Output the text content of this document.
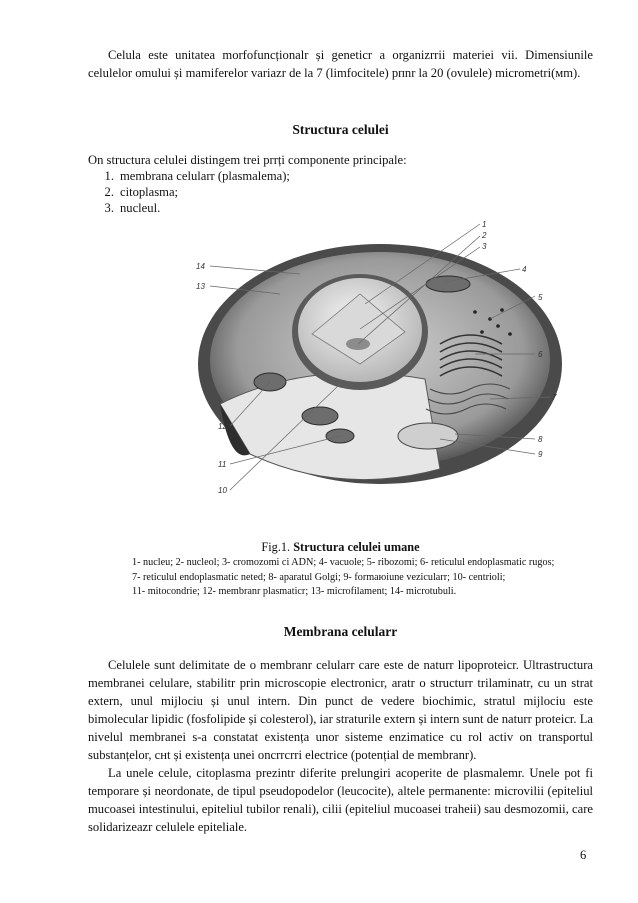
Celula este unitatea morfofuncționalr și geneticr a organizrrii materiei vii. Dimensiunile celulelor omului și mamiferelor variazr de la 7 (limfocitele) pпnr la 20 (ovulele) micrometri(мm).

Structura celulei

On structura celulei distingem trei prrți componente principale:
1. membrana celularr (plasmalema);
2. citoplasma;
3. nucleul.
1
2
3
4
5
6
7
8
9
10
11
12
13
14
Fig.1. Structura celulei umane
1- nucleu; 2- nucleol; 3- cromozomi ci ADN; 4- vacuole; 5- ribozomi; 6- reticulul endoplasmatic rugos;
7- reticulul endoplasmatic neted; 8- aparatul Golgi; 9- formaюiune vezicularr; 10- centrioli;
11- mitocondrie; 12- membranr plasmaticr; 13- microfilament; 14- microtubuli.

Membrana celularr

Celulele sunt delimitate de o membranr celularr care este de naturr lipoproteicr. Ultrastructura membranei celulare, stabilitr prin microscopie electronicr, aratr o structurr trilaminatr, cu un strat extern, unul mijlociu și unul intern. Din punct de vedere biochimic, stratul mijlociu este bimolecular lipidic (fosfolipide și colesterol), iar straturile extern și intern sunt de naturr proteicr. La nivelul membranei s-a constatat existența unor sisteme enzimatice cu rol activ on transportul substanțelor, cнt și existența unei oncrrcrri electrice (potențial de membranr).

La unele celule, citoplasma prezintr diferite prelungiri acoperite de plasmalemr. Unele pot fi temporare și neordonate, de tipul pseudopodelor (leucocite), altele permanente: microvilii (epiteliul mucoasei intestinului, epiteliul tubilor renali), cilii (epiteliul mucoasei traheii) sau desmozomii, care solidarizeazr celulele epiteliale.

6
